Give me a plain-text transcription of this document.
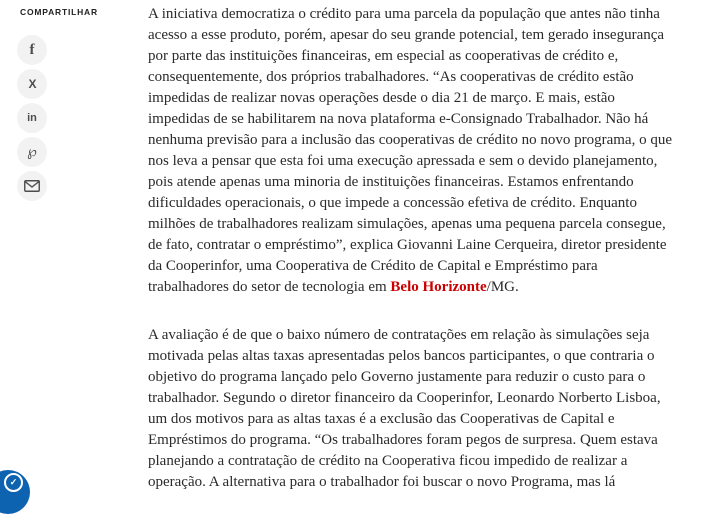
COMPARTILHAR
f
X
in
℘
A iniciativa democratiza o crédito para uma parcela da população que antes não tinha
acesso a esse produto, porém, apesar do seu grande potencial, tem gerado insegurança
por parte das instituições financeiras, em especial as cooperativas de crédito e,
consequentemente, dos próprios trabalhadores. “As cooperativas de crédito estão
impedidas de realizar novas operações desde o dia 21 de março. E mais, estão
impedidas de se habilitarem na nova plataforma e-Consignado Trabalhador. Não há
nenhuma previsão para a inclusão das cooperativas de crédito no novo programa, o que
nos leva a pensar que esta foi uma execução apressada e sem o devido planejamento,
pois atende apenas uma minoria de instituições financeiras. Estamos enfrentando
dificuldades operacionais, o que impede a concessão efetiva de crédito. Enquanto
milhões de trabalhadores realizam simulações, apenas uma pequena parcela consegue,
de fato, contratar o empréstimo”, explica Giovanni Laine Cerqueira, diretor presidente
da Cooperinfor, uma Cooperativa de Crédito de Capital e Empréstimo para
trabalhadores do setor de tecnologia em Belo Horizonte/MG.
A avaliação é de que o baixo número de contratações em relação às simulações seja
motivada pelas altas taxas apresentadas pelos bancos participantes, o que contraria o
objetivo do programa lançado pelo Governo justamente para reduzir o custo para o
trabalhador. Segundo o diretor financeiro da Cooperinfor, Leonardo Norberto Lisboa,
um dos motivos para as altas taxas é a exclusão das Cooperativas de Capital e
Empréstimos do programa. “Os trabalhadores foram pegos de surpresa. Quem estava
planejando a contratação de crédito na Cooperativa ficou impedido de realizar a
operação. A alternativa para o trabalhador foi buscar o novo Programa, mas lá
✓
